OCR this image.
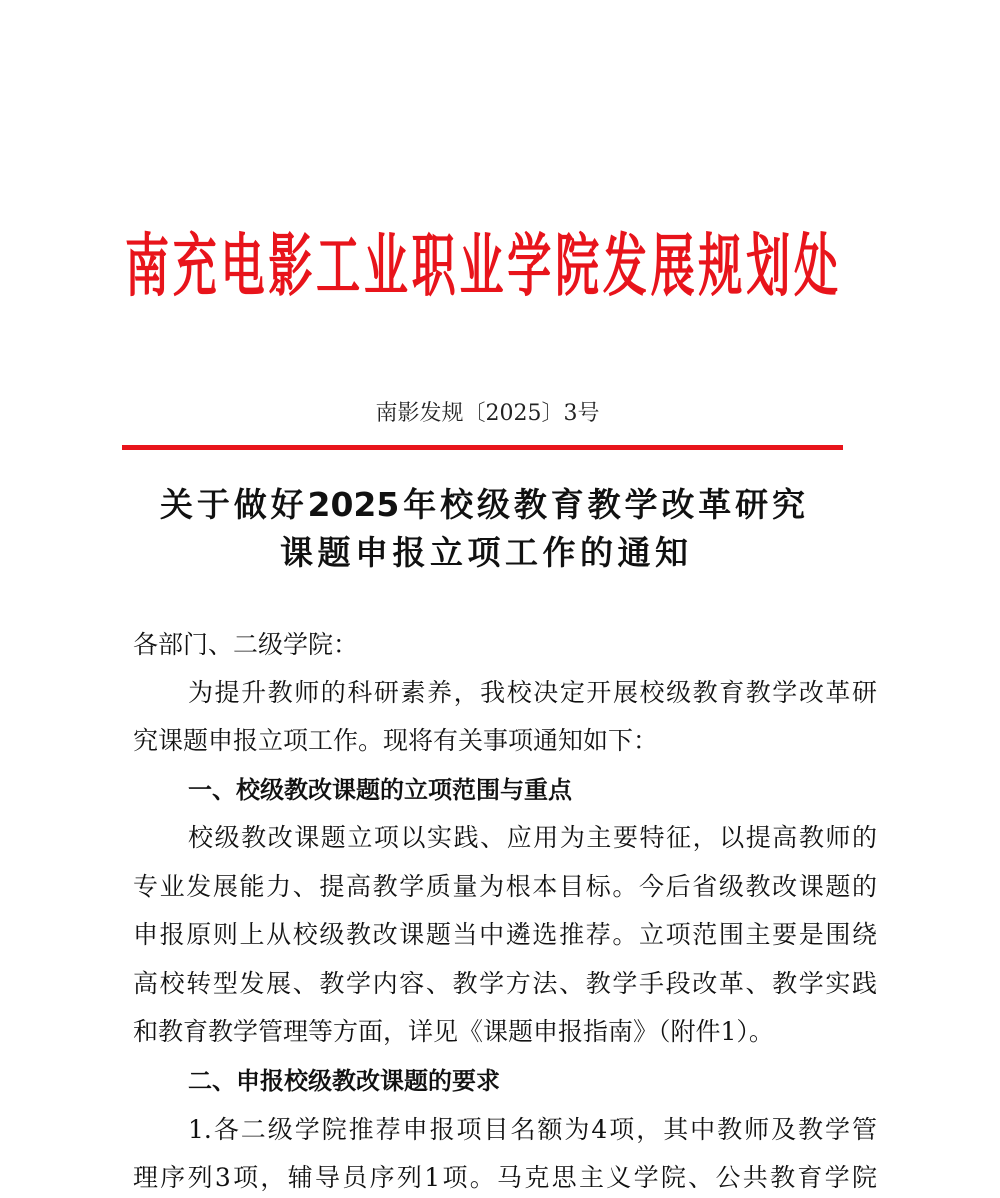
南充电影工业职业学院发展规划处
南影发规〔2025〕3号
关于做好2025年校级教育教学改革研究
课题申报立项工作的通知
各部门、二级学院：
为提升教师的科研素养，我校决定开展校级教育教学改革研
究课题申报立项工作。现将有关事项通知如下：
一、校级教改课题的立项范围与重点
校级教改课题立项以实践、应用为主要特征，以提高教师的
专业发展能力、提高教学质量为根本目标。今后省级教改课题的
申报原则上从校级教改课题当中遴选推荐。立项范围主要是围绕
高校转型发展、教学内容、教学方法、教学手段改革、教学实践
和教育教学管理等方面，详见《课题申报指南》（附件1）。
二、申报校级教改课题的要求
1.各二级学院推荐申报项目名额为4项，其中教师及教学管
理序列3项，辅导员序列1项。马克思主义学院、公共教育学院
